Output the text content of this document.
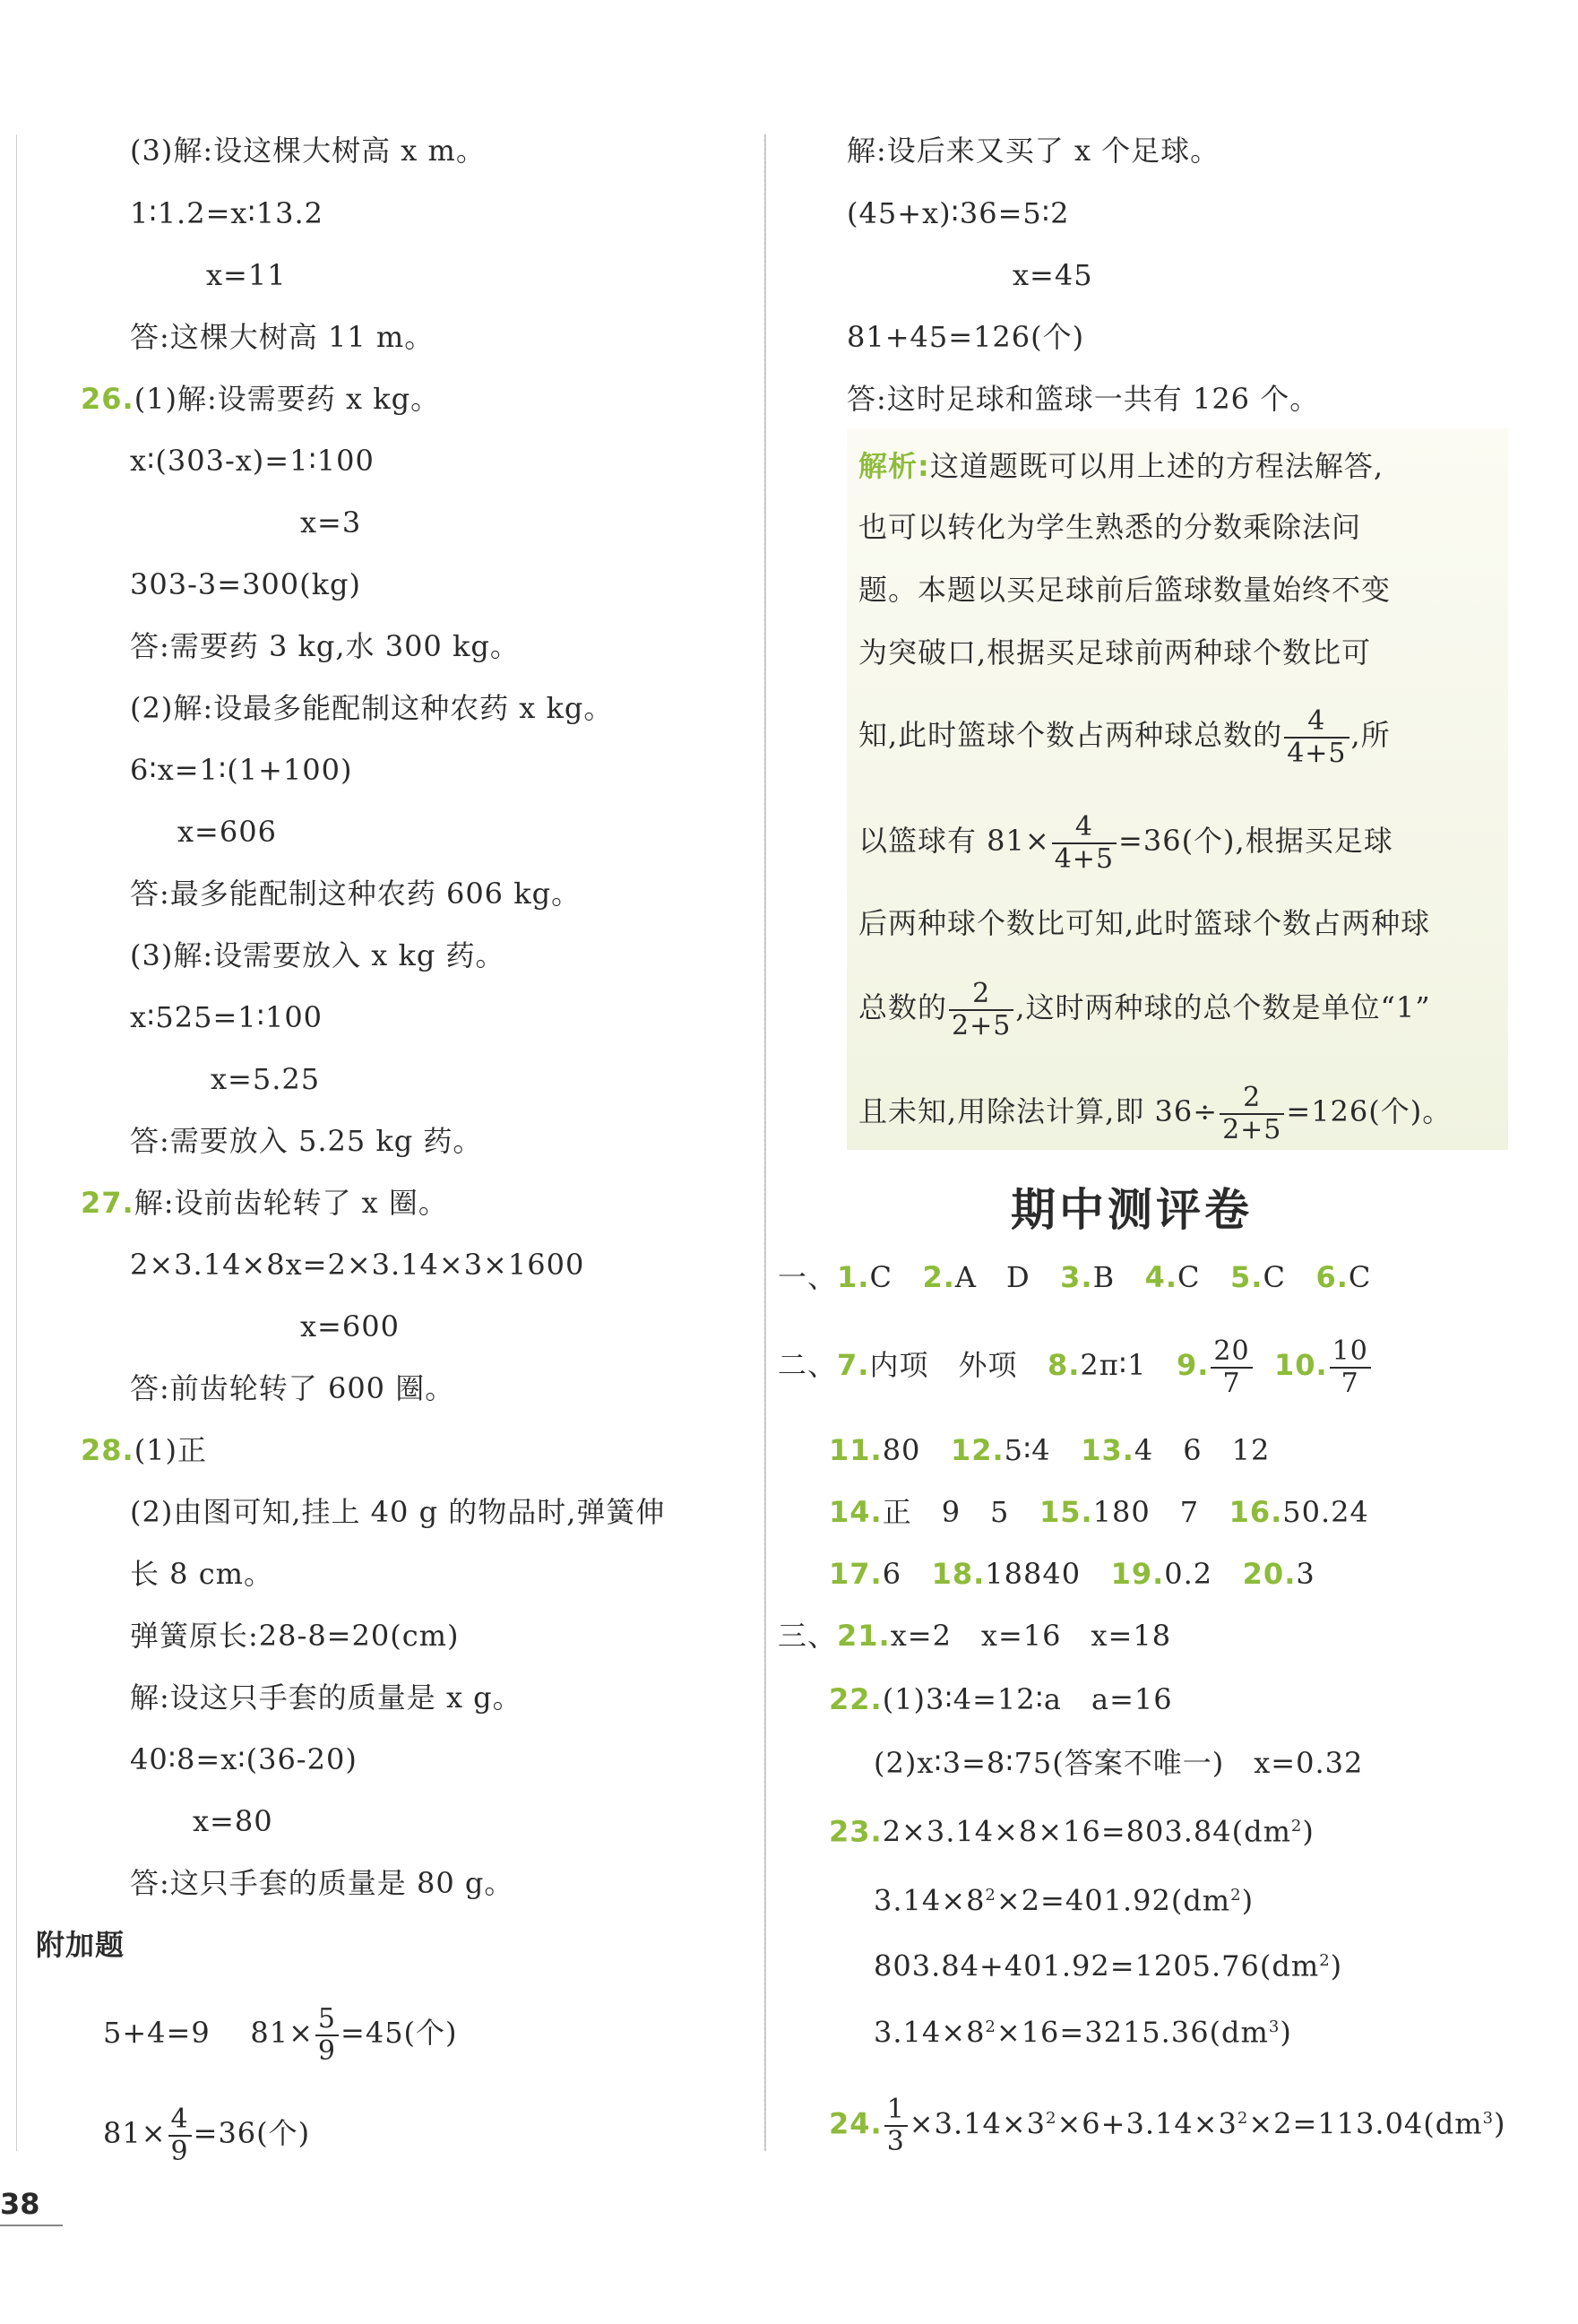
(3)解:设这棵大树高 x m。
1∶1.2=x∶13.2
x=11
答:这棵大树高 11 m。
26.(1)解:设需要药 x kg。
x∶(303-x)=1∶100
x=3
303-3=300(kg)
答:需要药 3 kg,水 300 kg。
(2)解:设最多能配制这种农药 x kg。
6∶x=1∶(1+100)
x=606
答:最多能配制这种农药 606 kg。
(3)解:设需要放入 x kg 药。
x∶525=1∶100
x=5.25
答:需要放入 5.25 kg 药。
27.解:设前齿轮转了 x 圈。
2×3.14×8x=2×3.14×3×1600
x=600
答:前齿轮转了 600 圈。
28.(1)正
(2)由图可知,挂上 40 g 的物品时,弹簧伸
长 8 cm。
弹簧原长:28-8=20(cm)
解:设这只手套的质量是 x g。
40∶8=x∶(36-20)
x=80
答:这只手套的质量是 80 g。
附加题
5+4=9 $81\times \frac{5}{9} =45$(个)
$81\times \frac{4}{9} =36$(个)
解:设后来又买了 x 个足球。
(45+x)∶36=5∶2
x=45
81+45=126(个)
答:这时足球和篮球一共有 126 个。
解析:这道题既可以用上述的方程法解答,
也可以转化为学生熟悉的分数乘除法问
题。本题以买足球前后篮球数量始终不变
为突破口,根据买足球前两种球个数比可
知,此时篮球个数占两种球总数的 $\frac{4}{4+5}$ ,所
以篮球有 $81\times \frac{4}{4+5} =36$(个),根据买足球
后两种球个数比可知,此时篮球个数占两种球
总数的 $\frac{2}{2+5}$ ,这时两种球的总个数是单位“1”
且未知,用除法计算,即 $36\div \frac{2}{2+5} =126$(个)。
期中测评卷
一、1.C 2.A　D 3.B 4.C 5.C 6.C
二、7.内项　外项 8.2π∶1 9. $\frac{20}{7} 10$. $\frac{10}{7}$
11.80 12.5∶4 13.4　6　12
14.正　9　5 15.180　7 16.50.24
17.6 18.18840 19.0.2 20.3
三、21.x=2　x=16　x=18
22.(1)3∶4=12∶a　a=16
(2)x∶3=8∶75(答案不唯一)　x=0.32
$23.2\times 3.14\times 8\times 16=803.84(dm^2)$
$3.14\times 8^2\times 2=401.92(dm^2)$
$803.84+401.92=1205.76(dm^2)$
$3.14\times 8^2\times 16=3215.36(dm^3)$
24. $\frac{1}{3} \times 3.14\times 3^2\times 6+3.14\times 3^2\times 2=113.04(dm^3)$
38
